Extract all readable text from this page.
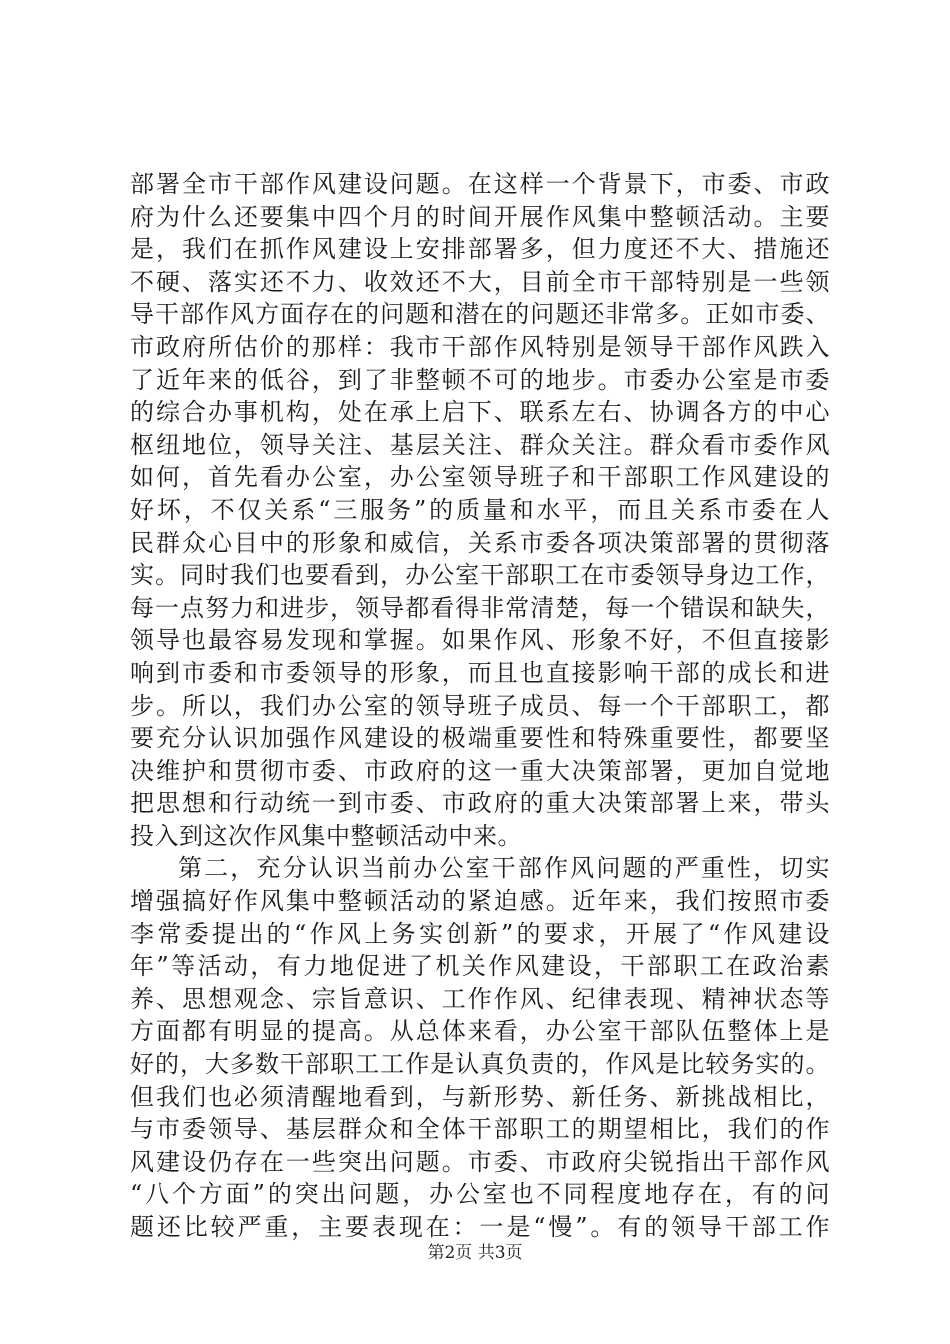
部署全市干部作风建设问题。在这样一个背景下，市委、市政
府为什么还要集中四个月的时间开展作风集中整顿活动。主要
是，我们在抓作风建设上安排部署多，但力度还不大、措施还
不硬、落实还不力、收效还不大，目前全市干部特别是一些领
导干部作风方面存在的问题和潜在的问题还非常多。正如市委、
市政府所估价的那样：我市干部作风特别是领导干部作风跌入
了近年来的低谷，到了非整顿不可的地步。市委办公室是市委
的综合办事机构，处在承上启下、联系左右、协调各方的中心
枢纽地位，领导关注、基层关注、群众关注。群众看市委作风
如何，首先看办公室，办公室领导班子和干部职工作风建设的
好坏，不仅关系“三服务”的质量和水平，而且关系市委在人
民群众心目中的形象和威信，关系市委各项决策部署的贯彻落
实。同时我们也要看到，办公室干部职工在市委领导身边工作，
每一点努力和进步，领导都看得非常清楚，每一个错误和缺失，
领导也最容易发现和掌握。如果作风、形象不好，不但直接影
响到市委和市委领导的形象，而且也直接影响干部的成长和进
步。所以，我们办公室的领导班子成员、每一个干部职工，都
要充分认识加强作风建设的极端重要性和特殊重要性，都要坚
决维护和贯彻市委、市政府的这一重大决策部署，更加自觉地
把思想和行动统一到市委、市政府的重大决策部署上来，带头
投入到这次作风集中整顿活动中来。
第二，充分认识当前办公室干部作风问题的严重性，切实
增强搞好作风集中整顿活动的紧迫感。近年来，我们按照市委
李常委提出的“作风上务实创新”的要求，开展了“作风建设
年”等活动，有力地促进了机关作风建设，干部职工在政治素
养、思想观念、宗旨意识、工作作风、纪律表现、精神状态等
方面都有明显的提高。从总体来看，办公室干部队伍整体上是
好的，大多数干部职工工作是认真负责的，作风是比较务实的。
但我们也必须清醒地看到，与新形势、新任务、新挑战相比，
与市委领导、基层群众和全体干部职工的期望相比，我们的作
风建设仍存在一些突出问题。市委、市政府尖锐指出干部作风
“八个方面”的突出问题，办公室也不同程度地存在，有的问
题还比较严重，主要表现在：一是“慢”。有的领导干部工作
第2页 共3页
